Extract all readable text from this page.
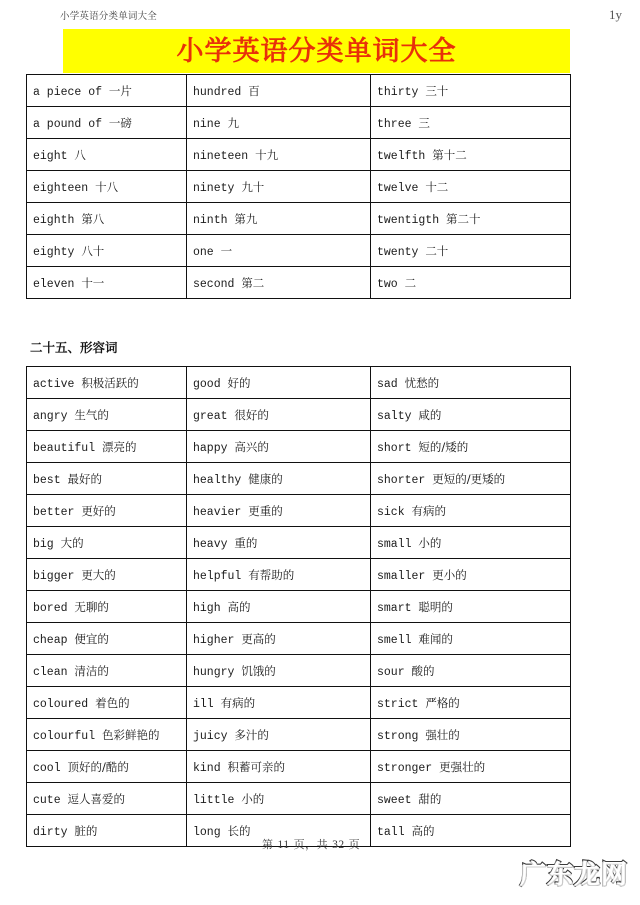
小学英语分类单词大全	1y
小学英语分类单词大全
a piece of 一片	hundred 百	thirty 三十
a pound of 一磅	nine 九	three 三
eight 八	nineteen 十九	twelfth 第十二
eighteen 十八	ninety 九十	twelve 十二
eighth 第八	ninth 第九	twentigth 第二十
eighty 八十	one 一	twenty 二十
eleven 十一	second 第二	two 二
二十五、形容词
active 积极活跃的	good 好的	sad 忧愁的
angry 生气的	great 很好的	salty 咸的
beautiful 漂亮的	happy 高兴的	short 短的/矮的
best 最好的	healthy 健康的	shorter 更短的/更矮的
better 更好的	heavier 更重的	sick 有病的
big 大的	heavy 重的	small 小的
bigger 更大的	helpful 有帮助的	smaller 更小的
bored 无聊的	high 高的	smart 聪明的
cheap 便宜的	higher 更高的	smell 难闻的
clean 清洁的	hungry 饥饿的	sour 酸的
coloured 着色的	ill 有病的	strict 严格的
colourful 色彩鲜艳的	juicy 多汁的	strong 强壮的
cool 顶好的/酷的	kind 积蓄可亲的	stronger 更强壮的
cute 逗人喜爱的	little 小的	sweet 甜的
dirty 脏的	long 长的	tall 高的
第 11 页，共 32 页
广东龙网
